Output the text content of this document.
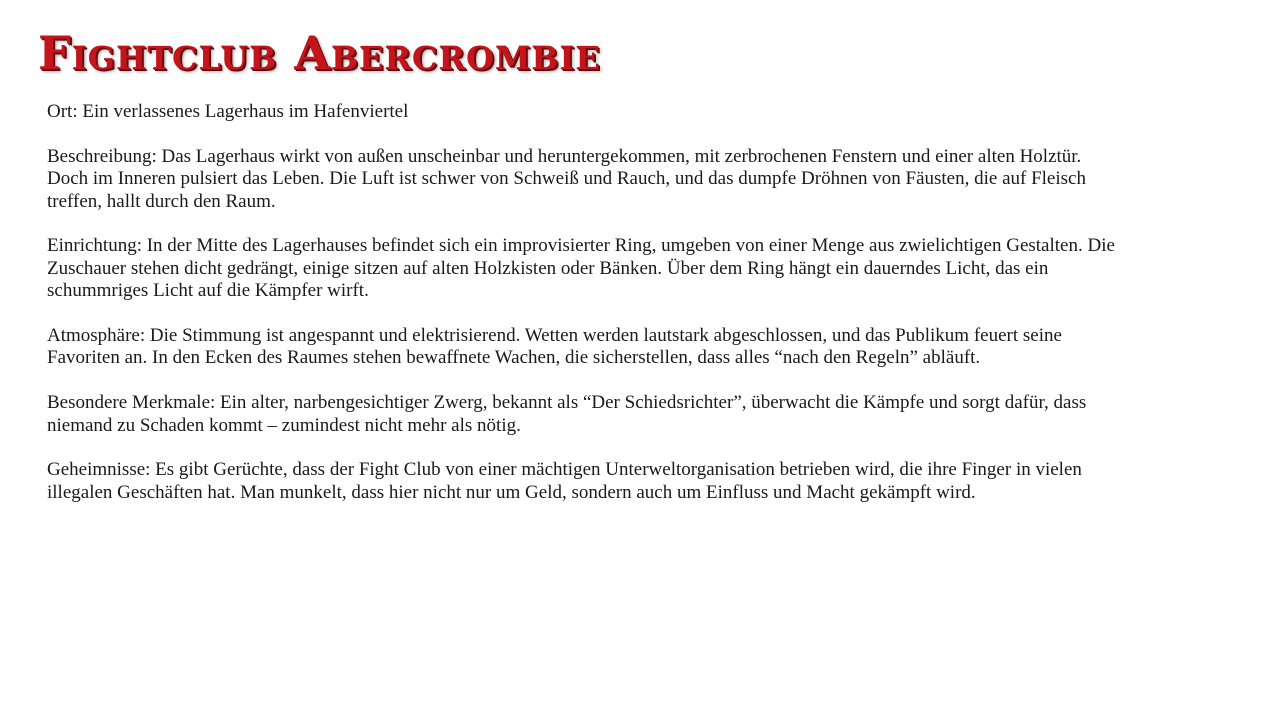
Fightclub Abercrombie

Ort: Ein verlassenes Lagerhaus im Hafenviertel

Beschreibung: Das Lagerhaus wirkt von außen unscheinbar und heruntergekommen, mit zerbrochenen Fenstern und einer alten Holztür. Doch im Inneren pulsiert das Leben. Die Luft ist schwer von Schweiß und Rauch, und das dumpfe Dröhnen von Fäusten, die auf Fleisch treffen, hallt durch den Raum.

Einrichtung: In der Mitte des Lagerhauses befindet sich ein improvisierter Ring, umgeben von einer Menge aus zwielichtigen Gestalten. Die Zuschauer stehen dicht gedrängt, einige sitzen auf alten Holzkisten oder Bänken. Über dem Ring hängt ein dauerndes Licht, das ein schummriges Licht auf die Kämpfer wirft.

Atmosphäre: Die Stimmung ist angespannt und elektrisierend. Wetten werden lautstark abgeschlossen, und das Publikum feuert seine Favoriten an. In den Ecken des Raumes stehen bewaffnete Wachen, die sicherstellen, dass alles “nach den Regeln” abläuft.

Besondere Merkmale: Ein alter, narbengesichtiger Zwerg, bekannt als “Der Schiedsrichter”, überwacht die Kämpfe und sorgt dafür, dass niemand zu Schaden kommt – zumindest nicht mehr als nötig.

Geheimnisse: Es gibt Gerüchte, dass der Fight Club von einer mächtigen Unterweltorganisation betrieben wird, die ihre Finger in vielen illegalen Geschäften hat. Man munkelt, dass hier nicht nur um Geld, sondern auch um Einfluss und Macht gekämpft wird.
